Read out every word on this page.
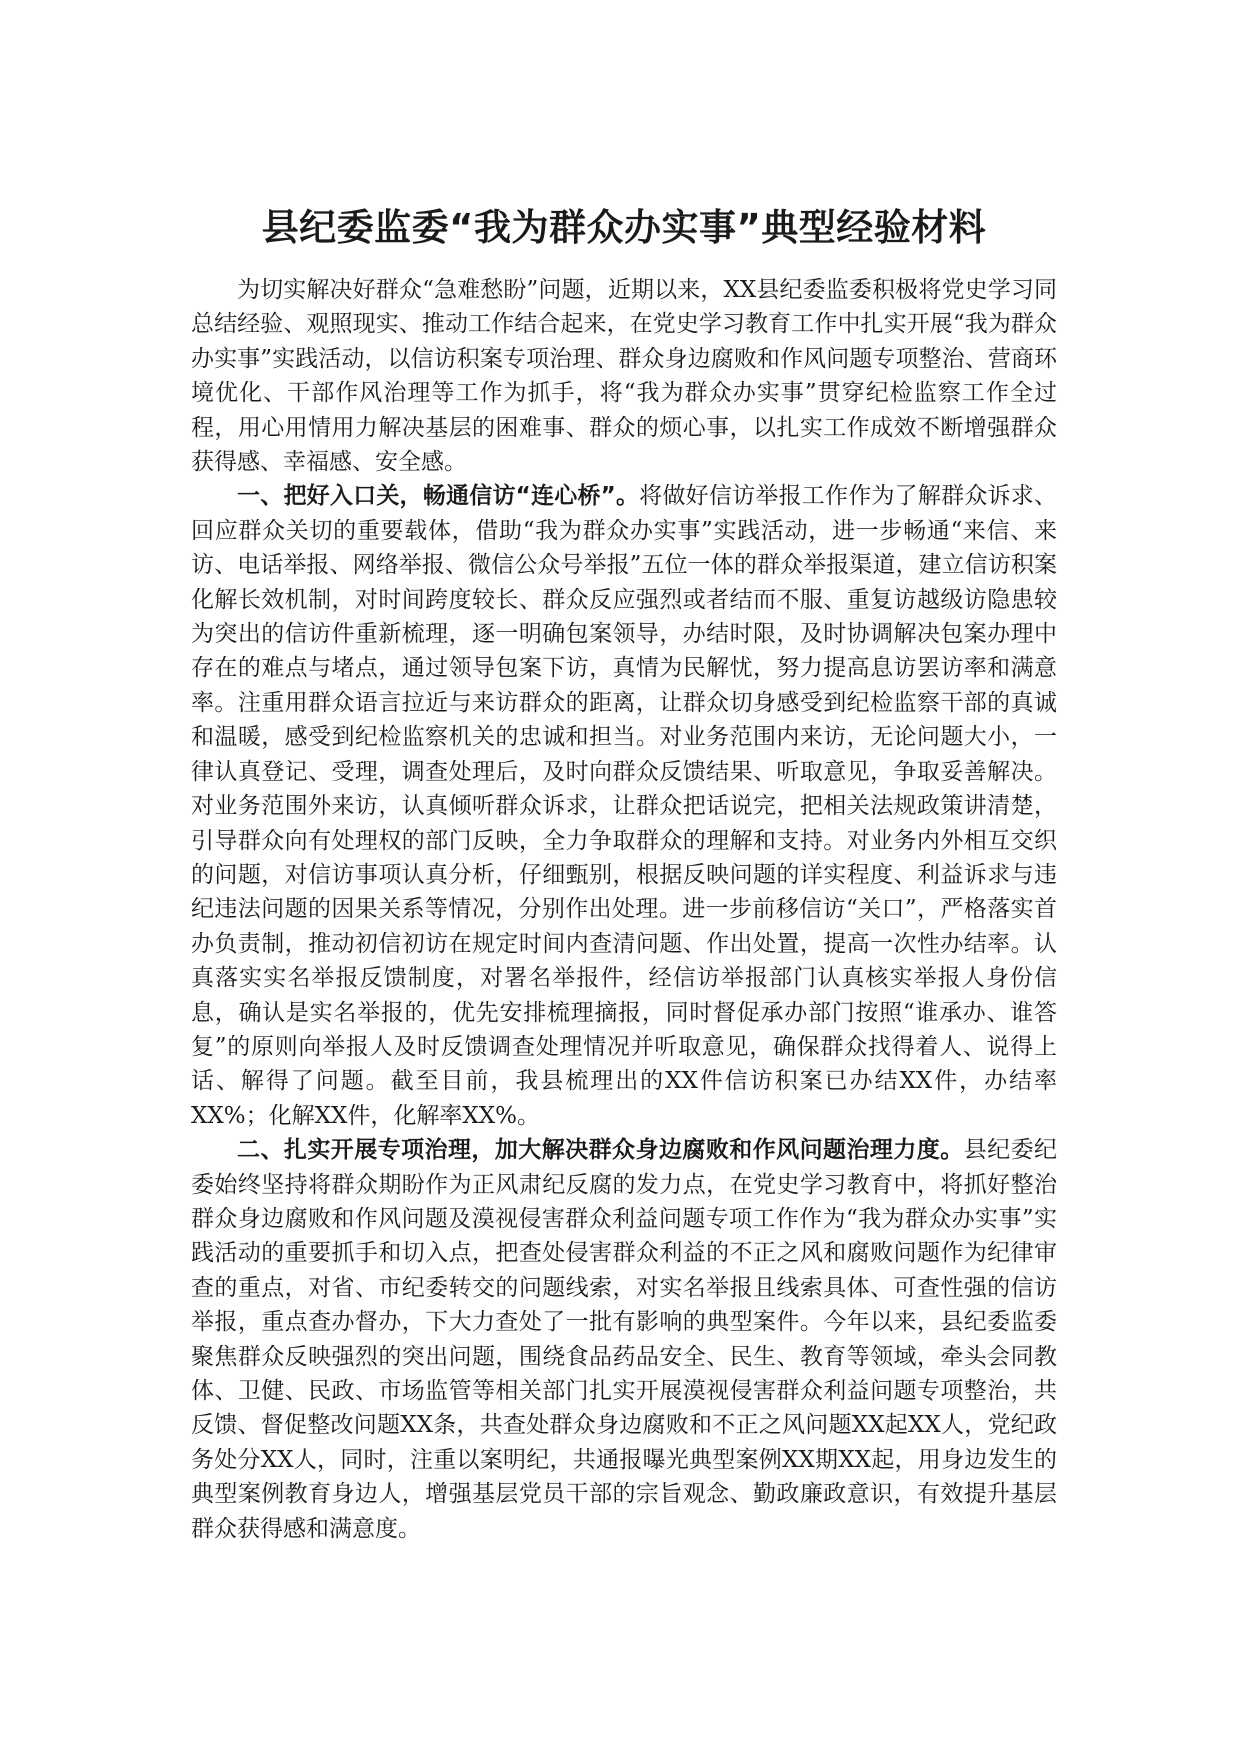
县纪委监委“我为群众办实事”典型经验材料

为切实解决好群众“急难愁盼”问题，近期以来，XX县纪委监委积极将党史学习同总结经验、观照现实、推动工作结合起来，在党史学习教育工作中扎实开展“我为群众办实事”实践活动，以信访积案专项治理、群众身边腐败和作风问题专项整治、营商环境优化、干部作风治理等工作为抓手，将“我为群众办实事”贯穿纪检监察工作全过程，用心用情用力解决基层的困难事、群众的烦心事，以扎实工作成效不断增强群众获得感、幸福感、安全感。

一、把好入口关，畅通信访“连心桥”。将做好信访举报工作作为了解群众诉求、回应群众关切的重要载体，借助“我为群众办实事”实践活动，进一步畅通“来信、来访、电话举报、网络举报、微信公众号举报”五位一体的群众举报渠道，建立信访积案化解长效机制，对时间跨度较长、群众反应强烈或者结而不服、重复访越级访隐患较为突出的信访件重新梳理，逐一明确包案领导，办结时限，及时协调解决包案办理中存在的难点与堵点，通过领导包案下访，真情为民解忧，努力提高息访罢访率和满意率。注重用群众语言拉近与来访群众的距离，让群众切身感受到纪检监察干部的真诚和温暖，感受到纪检监察机关的忠诚和担当。对业务范围内来访，无论问题大小，一律认真登记、受理，调查处理后，及时向群众反馈结果、听取意见，争取妥善解决。对业务范围外来访，认真倾听群众诉求，让群众把话说完，把相关法规政策讲清楚，引导群众向有处理权的部门反映，全力争取群众的理解和支持。对业务内外相互交织的问题，对信访事项认真分析，仔细甄别，根据反映问题的详实程度、利益诉求与违纪违法问题的因果关系等情况，分别作出处理。进一步前移信访“关口”，严格落实首办负责制，推动初信初访在规定时间内查清问题、作出处置，提高一次性办结率。认真落实实名举报反馈制度，对署名举报件，经信访举报部门认真核实举报人身份信息，确认是实名举报的，优先安排梳理摘报，同时督促承办部门按照“谁承办、谁答复”的原则向举报人及时反馈调查处理情况并听取意见，确保群众找得着人、说得上话、解得了问题。截至目前，我县梳理出的XX件信访积案已办结XX件，办结率XX%；化解XX件，化解率XX%。

二、扎实开展专项治理，加大解决群众身边腐败和作风问题治理力度。县纪委纪委始终坚持将群众期盼作为正风肃纪反腐的发力点，在党史学习教育中，将抓好整治群众身边腐败和作风问题及漠视侵害群众利益问题专项工作作为“我为群众办实事”实践活动的重要抓手和切入点，把查处侵害群众利益的不正之风和腐败问题作为纪律审查的重点，对省、市纪委转交的问题线索，对实名举报且线索具体、可查性强的信访举报，重点查办督办，下大力查处了一批有影响的典型案件。今年以来，县纪委监委聚焦群众反映强烈的突出问题，围绕食品药品安全、民生、教育等领域，牵头会同教体、卫健、民政、市场监管等相关部门扎实开展漠视侵害群众利益问题专项整治，共反馈、督促整改问题XX条，共查处群众身边腐败和不正之风问题XX起XX人，党纪政务处分XX人，同时，注重以案明纪，共通报曝光典型案例XX期XX起，用身边发生的典型案例教育身边人，增强基层党员干部的宗旨观念、勤政廉政意识，有效提升基层群众获得感和满意度。
